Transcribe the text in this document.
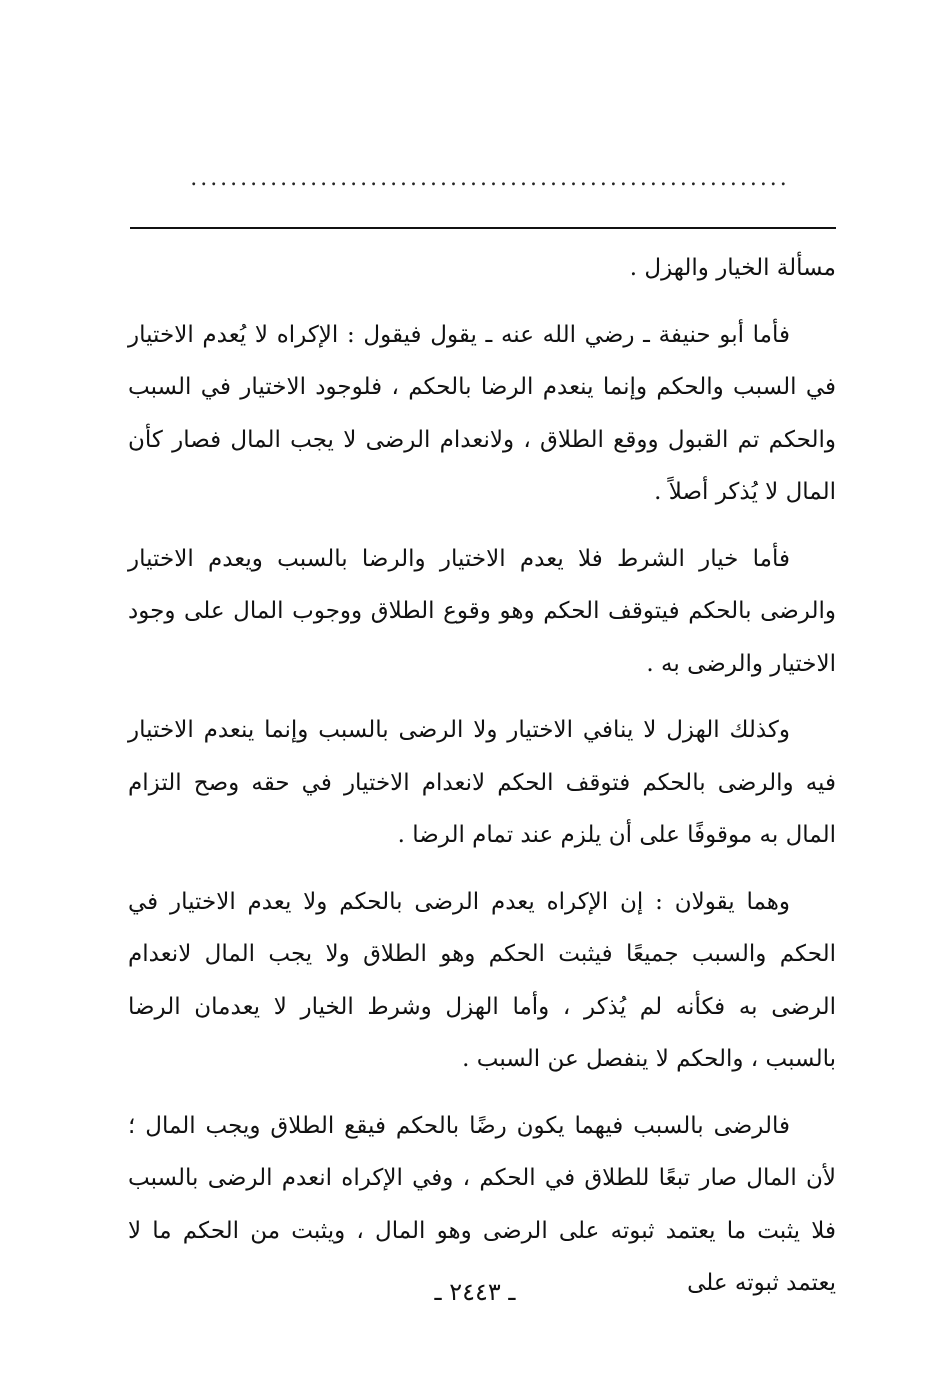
............................................................

مسألة الخيار والهزل .

فأما أبو حنيفة ـ رضي الله عنه ـ يقول فيقول : الإكراه لا يُعدم الاختيار في السبب والحكم وإنما ينعدم الرضا بالحكم ، فلوجود الاختيار في السبب والحكم تم القبول ووقع الطلاق ، ولانعدام الرضى لا يجب المال فصار كأن المال لا يُذكر أصلاً .

فأما خيار الشرط فلا يعدم الاختيار والرضا بالسبب ويعدم الاختيار والرضى بالحكم فيتوقف الحكم وهو وقوع الطلاق ووجوب المال على وجود الاختيار والرضى به .

وكذلك الهزل لا ينافي الاختيار ولا الرضى بالسبب وإنما ينعدم الاختيار فيه والرضى بالحكم فتوقف الحكم لانعدام الاختيار في حقه وصح التزام المال به موقوفًا على أن يلزم عند تمام الرضا .

وهما يقولان : إن الإكراه يعدم الرضى بالحكم ولا يعدم الاختيار في الحكم والسبب جميعًا فيثبت الحكم وهو الطلاق ولا يجب المال لانعدام الرضى به فكأنه لم يُذكر ، وأما الهزل وشرط الخيار لا يعدمان الرضا بالسبب ، والحكم لا ينفصل عن السبب .

فالرضى بالسبب فيهما يكون رضًا بالحكم فيقع الطلاق ويجب المال ؛ لأن المال صار تبعًا للطلاق في الحكم ، وفي الإكراه انعدم الرضى بالسبب فلا يثبت ما يعتمد ثبوته على الرضى وهو المال ، ويثبت من الحكم ما لا يعتمد ثبوته على

ـ ٢٤٤٣ ـ
